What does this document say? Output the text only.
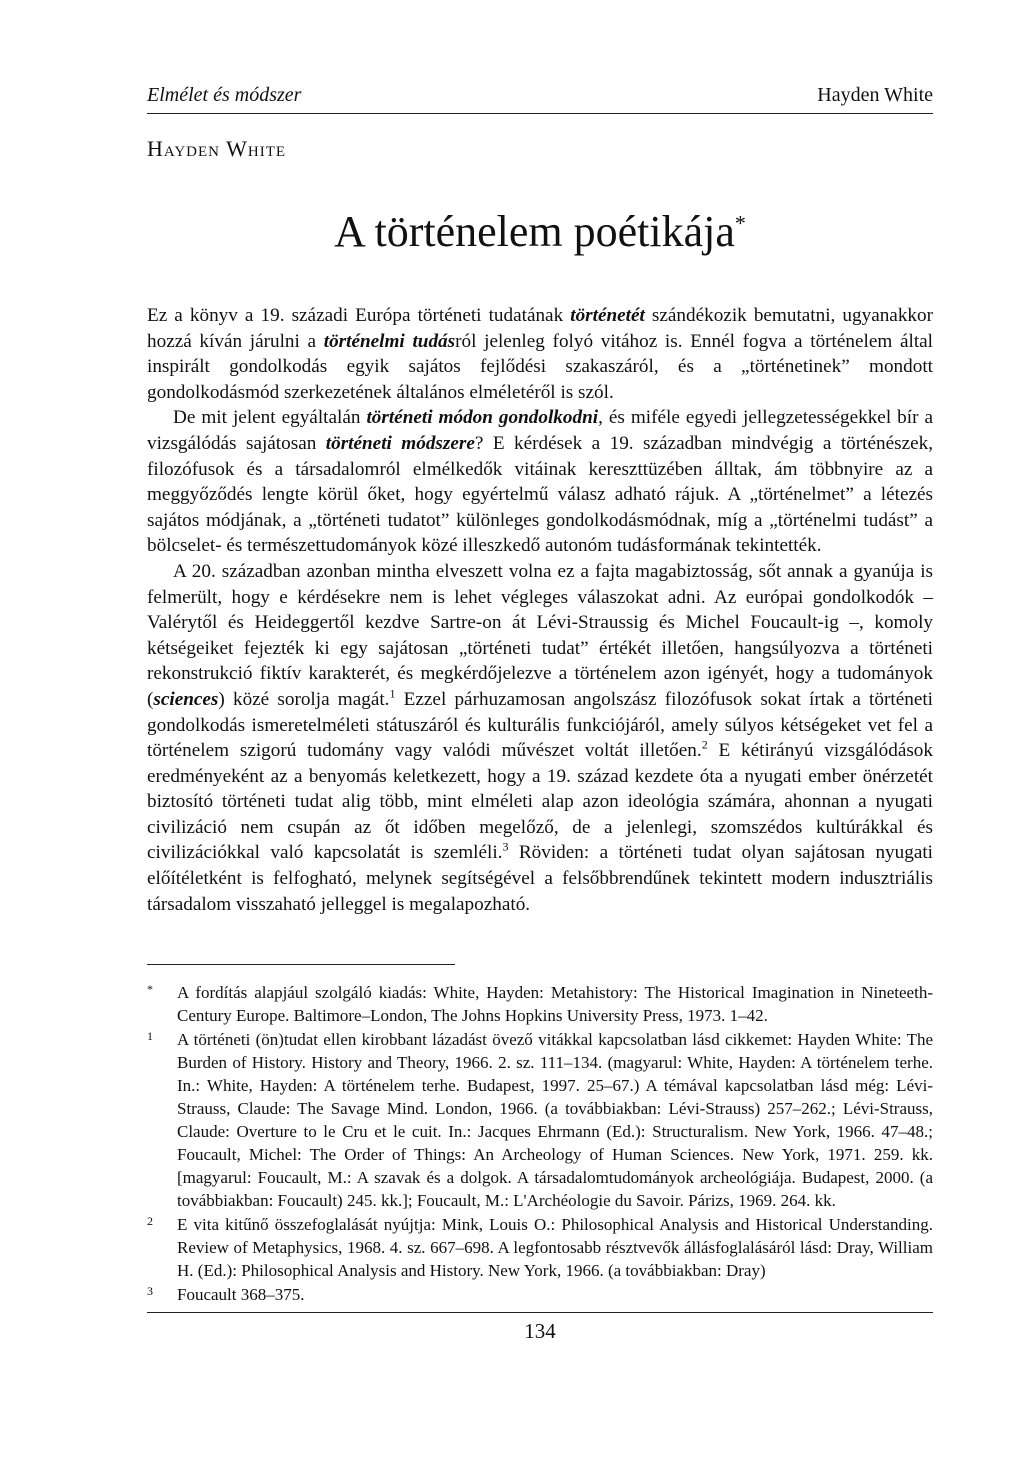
Elmélet és módszer	Hayden White
Hayden White
A történelem poétikája*

Ez a könyv a 19. századi Európa történeti tudatának történetét szándékozik bemutatni, ugyanakkor hozzá kíván járulni a történelmi tudásról jelenleg folyó vitához is. Ennél fogva a történelem által inspirált gondolkodás egyik sajátos fejlődési szakaszáról, és a „történetinek” mondott gondolkodásmód szerkezetének általános elméletéről is szól.

De mit jelent egyáltalán történeti módon gondolkodni, és miféle egyedi jellegzetességekkel bír a vizsgálódás sajátosan történeti módszere? E kérdések a 19. században mindvégig a történészek, filozófusok és a társadalomról elmélkedők vitáinak kereszttüzében álltak, ám többnyire az a meggyőződés lengte körül őket, hogy egyértelmű válasz adható rájuk. A „történelmet” a létezés sajátos módjának, a „történeti tudatot” különleges gondolkodásmódnak, míg a „történelmi tudást” a bölcselet- és természettudományok közé illeszkedő autonóm tudásformának tekintették.

A 20. században azonban mintha elveszett volna ez a fajta magabiztosság, sőt annak a gyanúja is felmerült, hogy e kérdésekre nem is lehet végleges válaszokat adni. Az európai gondolkodók – Valérytől és Heideggertől kezdve Sartre-on át Lévi-Straussig és Michel Foucault-ig –, komoly kétségeiket fejezték ki egy sajátosan „történeti tudat” értékét illetően, hangsúlyozva a történeti rekonstrukció fiktív karakterét, és megkérdőjelezve a történelem azon igényét, hogy a tudományok (sciences) közé sorolja magát.$^1$ Ezzel párhuzamosan angolszász filozófusok sokat írtak a történeti gondolkodás ismeretelméleti státuszáról és kulturális funkciójáról, amely súlyos kétségeket vet fel a történelem szigorú tudomány vagy valódi művészet voltát illetően.$^2$ E kétirányú vizsgálódások eredményeként az a benyomás keletkezett, hogy a 19. század kezdete óta a nyugati ember önérzetét biztosító történeti tudat alig több, mint elméleti alap azon ideológia számára, ahonnan a nyugati civilizáció nem csupán az őt időben megelőző, de a jelenlegi, szomszédos kultúrákkal és civilizációkkal való kapcsolatát is szemléli.$^3$ Röviden: a történeti tudat olyan sajátosan nyugati előítéletként is felfogható, melynek segítségével a felsőbbrendűnek tekintett modern indusztriális társadalom visszaható jelleggel is megalapozható.

*	A fordítás alapjául szolgáló kiadás: White, Hayden: Metahistory: The Historical Imagination in Nineteeth-Century Europe. Baltimore–London, The Johns Hopkins University Press, 1973. 1–42.
1	A történeti (ön)tudat ellen kirobbant lázadást övező vitákkal kapcsolatban lásd cikkemet: Hayden White: The Burden of History. History and Theory, 1966. 2. sz. 111–134. (magyarul: White, Hayden: A történelem terhe. In.: White, Hayden: A történelem terhe. Budapest, 1997. 25–67.) A témával kapcsolatban lásd még: Lévi-Strauss, Claude: The Savage Mind. London, 1966. (a továbbiakban: Lévi-Strauss) 257–262.; Lévi-Strauss, Claude: Overture to le Cru et le cuit. In.: Jacques Ehrmann (Ed.): Structuralism. New York, 1966. 47–48.; Foucault, Michel: The Order of Things: An Archeology of Human Sciences. New York, 1971. 259. kk. [magyarul: Foucault, M.: A szavak és a dolgok. A társadalomtudományok archeológiája. Budapest, 2000. (a továbbiakban: Foucault) 245. kk.]; Foucault, M.: L'Archéologie du Savoir. Párizs, 1969. 264. kk.
2	E vita kitűnő összefoglalását nyújtja: Mink, Louis O.: Philosophical Analysis and Historical Understanding. Review of Metaphysics, 1968. 4. sz. 667–698. A legfontosabb résztvevők állásfoglalásáról lásd: Dray, William H. (Ed.): Philosophical Analysis and History. New York, 1966. (a továbbiakban: Dray)
3	Foucault 368–375.
134
